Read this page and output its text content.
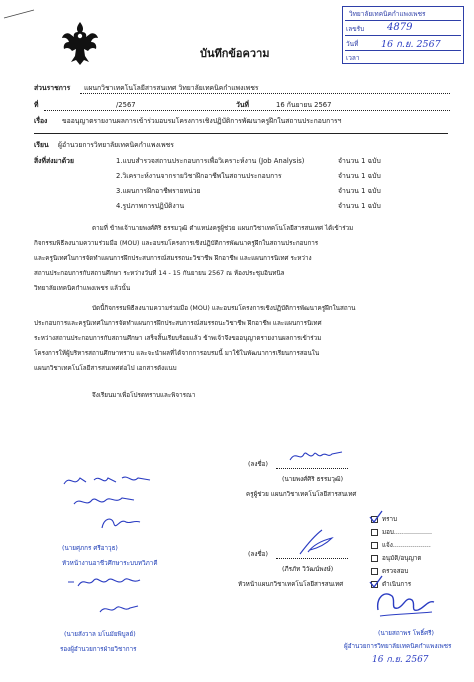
วิทยาลัยเทคนิคกำแพงเพชร
เลขรับ 4879
วันที่ 16 ก.ย. 2567
เวลา
บันทึกข้อความ
ส่วนราชการ แผนกวิชาเทคโนโลยีสารสนเทศ วิทยาลัยเทคนิคกำแพงเพชร
ที่	/2567	วันที่	16 กันยายน 2567
เรื่อง ขออนุญาตรายงานผลการเข้าร่วมอบรมโครงการเชิงปฏิบัติการพัฒนาครูฝึกในสถานประกอบการฯ
เรียน ผู้อำนวยการวิทยาลัยเทคนิคกำแพงเพชร
สิ่งที่ส่งมาด้วย	1.แบบสำรวจสถานประกอบการเพื่อวิเคราะห์งาน (Job Analysis)	จำนวน 1 ฉบับ
2.วิเคราะห์งานจากรายวิชาฝึกอาชีพในสถานประกอบการ	จำนวน 1 ฉบับ
3.แผนการฝึกอาชีพรายหน่วย	จำนวน 1 ฉบับ
4.รูปภาพการปฏิบัติงาน	จำนวน 1 ฉบับ
ตามที่ ข้าพเจ้านายพงศ์ศิริ ธรรมวุฒิ ตำแหน่งครูผู้ช่วย แผนกวิชาเทคโนโลยีสารสนเทศ ได้เข้าร่วม
กิจกรรมพิธีลงนามความร่วมมือ (MOU) และอบรมโครงการเชิงปฏิบัติการพัฒนาครูฝึกในสถานประกอบการ
และครูนิเทศในการจัดทำแผนการฝึกประสบการณ์สมรรถนะวิชาชีพ ฝึกอาชีพ และแผนการนิเทศ ระหว่าง
สถานประกอบการกับสถานศึกษา ระหว่างวันที่ 14 - 15 กันยายน 2567 ณ ห้องประชุมอินทนิล
วิทยาลัยเทคนิคกำแพงเพชร แล้วนั้น
บัดนี้กิจกรรมพิธีลงนามความร่วมมือ (MOU) และอบรมโครงการเชิงปฏิบัติการพัฒนาครูฝึกในสถาน
ประกอบการและครูนิเทศในการจัดทำแผนการฝึกประสบการณ์สมรรถนะวิชาชีพ ฝึกอาชีพ และแผนการนิเทศ
ระหว่างสถานประกอบการกับสถานศึกษา เสร็จสิ้นเรียบร้อยแล้ว ข้าพเจ้าจึงขออนุญาตรายงานผลการเข้าร่วม
โครงการให้ผู้บริหารสถานศึกษาทราบ และจะนำผลที่ได้จากการอบรมนี้ มาใช้ในพัฒนาการเรียนการสอนใน
แผนกวิชาเทคโนโลยีสารสนเทศต่อไป เอกสารดังแนบ
จึงเรียนมาเพื่อโปรดทราบและพิจารณา
(ลงชื่อ)
(นายพงศ์ศิริ ธรรมวุฒิ)
ครูผู้ช่วย แผนกวิชาเทคโนโลยีสารสนเทศ
(ลงชื่อ)
(ภีรภัท วิวัฒน์พงษ์)
หัวหน้าแผนกวิชาเทคโนโลยีสารสนเทศ
(นายศุภกร ศรีอาวุธ)
หัวหน้างานอาชีวศึกษาระบบทวิภาคี
(นายสังวาล มโนมัยพิบูลย์)
รองผู้อำนวยการฝ่ายวิชาการ
ทราบ
มอบ...................
แจ้ง...................
อนุมัติ/อนุญาต
ตรวจสอบ
ดำเนินการ
(นายสถาพร โพธิ์ศรี)
ผู้อำนวยการวิทยาลัยเทคนิคกำแพงเพชร
16 ก.ย. 2567
